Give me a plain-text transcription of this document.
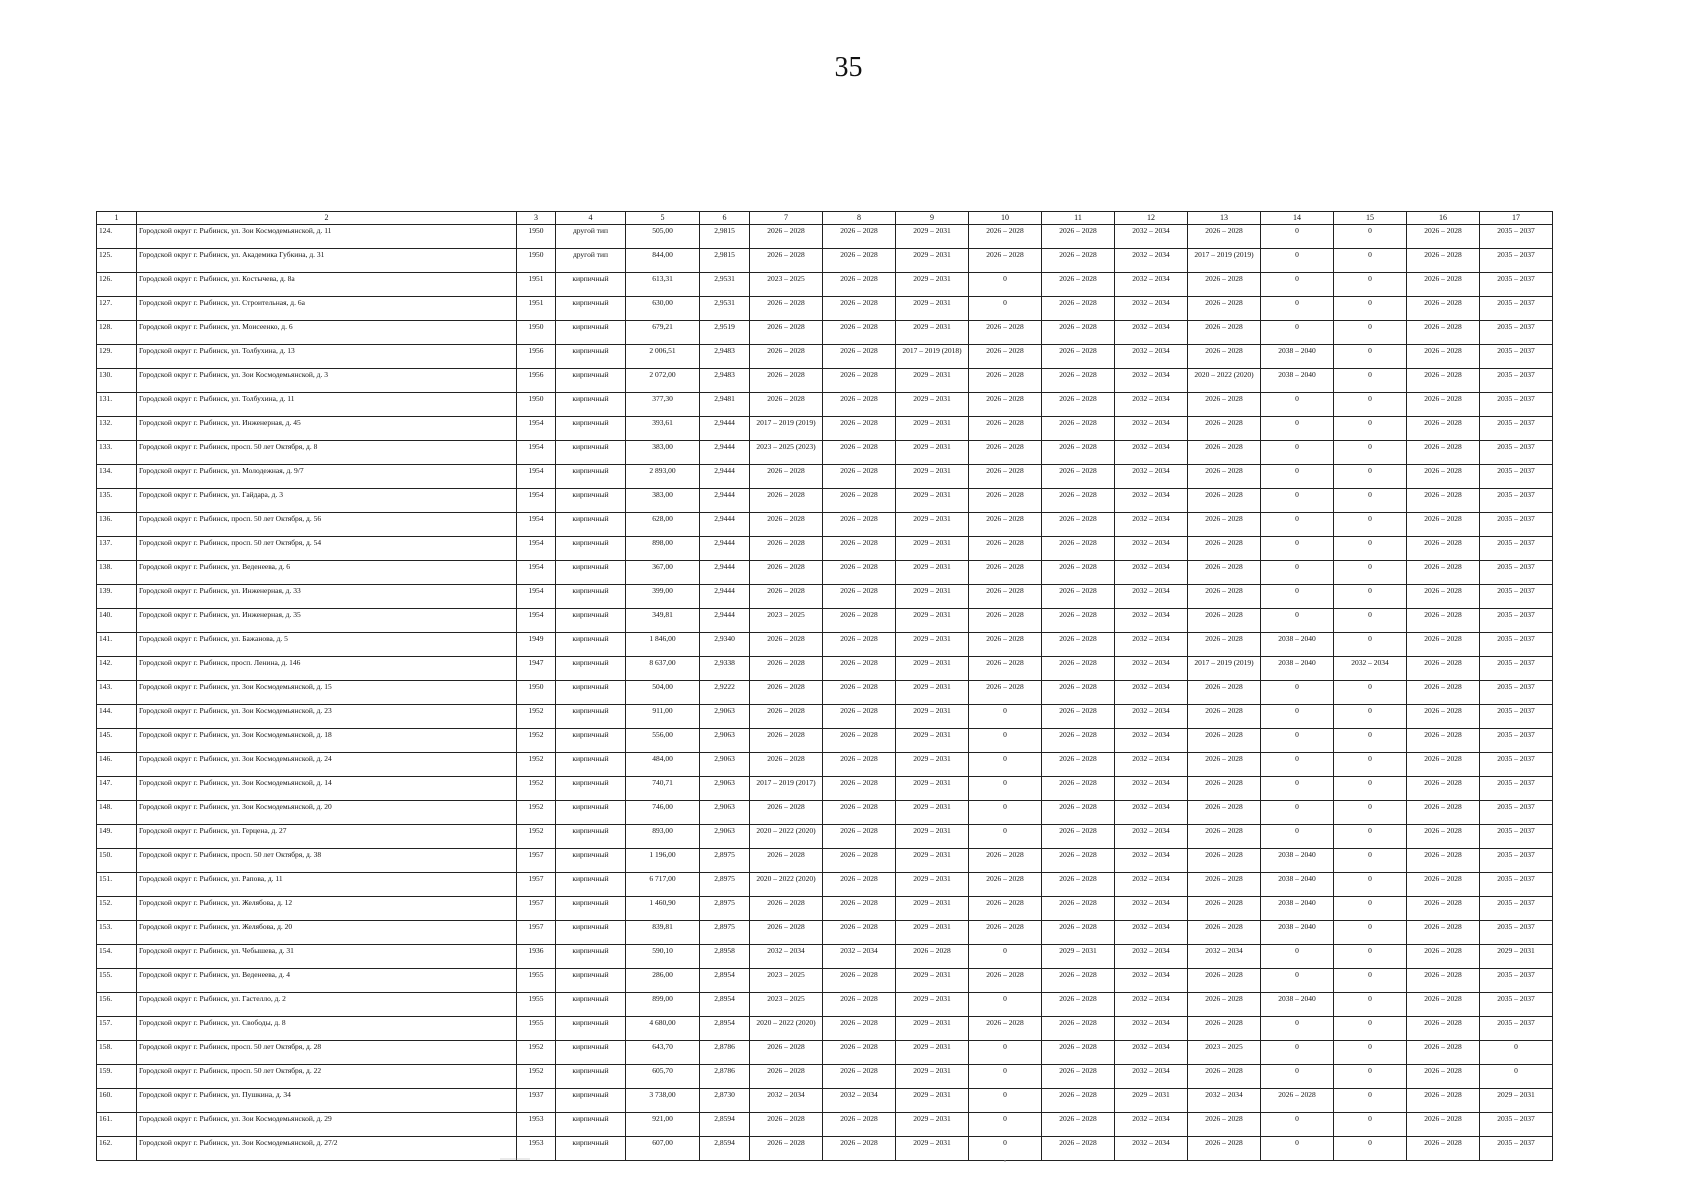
35
1	2	3	4	5	6	7	8	9	10	11	12	13	14	15	16	17
124.	Городской округ г. Рыбинск, ул. Зои Космодемьянской, д. 11	1950	другой тип	505,00	2,9815	2026 – 2028	2026 – 2028	2029 – 2031	2026 – 2028	2026 – 2028	2032 – 2034	2026 – 2028	0	0	2026 – 2028	2035 – 2037
125.	Городской округ г. Рыбинск, ул. Академика Губкина, д. 31	1950	другой тип	844,00	2,9815	2026 – 2028	2026 – 2028	2029 – 2031	2026 – 2028	2026 – 2028	2032 – 2034	2017 – 2019 (2019)	0	0	2026 – 2028	2035 – 2037
126.	Городской округ г. Рыбинск, ул. Костычева, д. 8а	1951	кирпичный	613,31	2,9531	2023 – 2025	2026 – 2028	2029 – 2031	0	2026 – 2028	2032 – 2034	2026 – 2028	0	0	2026 – 2028	2035 – 2037
127.	Городской округ г. Рыбинск, ул. Строительная, д. 6а	1951	кирпичный	630,00	2,9531	2026 – 2028	2026 – 2028	2029 – 2031	0	2026 – 2028	2032 – 2034	2026 – 2028	0	0	2026 – 2028	2035 – 2037
128.	Городской округ г. Рыбинск, ул. Моисеенко, д. 6	1950	кирпичный	679,21	2,9519	2026 – 2028	2026 – 2028	2029 – 2031	2026 – 2028	2026 – 2028	2032 – 2034	2026 – 2028	0	0	2026 – 2028	2035 – 2037
129.	Городской округ г. Рыбинск, ул. Толбухина, д. 13	1956	кирпичный	2 006,51	2,9483	2026 – 2028	2026 – 2028	2017 – 2019 (2018)	2026 – 2028	2026 – 2028	2032 – 2034	2026 – 2028	2038 – 2040	0	2026 – 2028	2035 – 2037
130.	Городской округ г. Рыбинск, ул. Зои Космодемьянской, д. 3	1956	кирпичный	2 072,00	2,9483	2026 – 2028	2026 – 2028	2029 – 2031	2026 – 2028	2026 – 2028	2032 – 2034	2020 – 2022 (2020)	2038 – 2040	0	2026 – 2028	2035 – 2037
131.	Городской округ г. Рыбинск, ул. Толбухина, д. 11	1950	кирпичный	377,30	2,9481	2026 – 2028	2026 – 2028	2029 – 2031	2026 – 2028	2026 – 2028	2032 – 2034	2026 – 2028	0	0	2026 – 2028	2035 – 2037
132.	Городской округ г. Рыбинск, ул. Инженерная, д. 45	1954	кирпичный	393,61	2,9444	2017 – 2019 (2019)	2026 – 2028	2029 – 2031	2026 – 2028	2026 – 2028	2032 – 2034	2026 – 2028	0	0	2026 – 2028	2035 – 2037
133.	Городской округ г. Рыбинск, просп. 50 лет Октября, д. 8	1954	кирпичный	383,00	2,9444	2023 – 2025 (2023)	2026 – 2028	2029 – 2031	2026 – 2028	2026 – 2028	2032 – 2034	2026 – 2028	0	0	2026 – 2028	2035 – 2037
134.	Городской округ г. Рыбинск, ул. Молодежная, д. 9/7	1954	кирпичный	2 893,00	2,9444	2026 – 2028	2026 – 2028	2029 – 2031	2026 – 2028	2026 – 2028	2032 – 2034	2026 – 2028	0	0	2026 – 2028	2035 – 2037
135.	Городской округ г. Рыбинск, ул. Гайдара, д. 3	1954	кирпичный	383,00	2,9444	2026 – 2028	2026 – 2028	2029 – 2031	2026 – 2028	2026 – 2028	2032 – 2034	2026 – 2028	0	0	2026 – 2028	2035 – 2037
136.	Городской округ г. Рыбинск, просп. 50 лет Октября, д. 56	1954	кирпичный	628,00	2,9444	2026 – 2028	2026 – 2028	2029 – 2031	2026 – 2028	2026 – 2028	2032 – 2034	2026 – 2028	0	0	2026 – 2028	2035 – 2037
137.	Городской округ г. Рыбинск, просп. 50 лет Октября, д. 54	1954	кирпичный	898,00	2,9444	2026 – 2028	2026 – 2028	2029 – 2031	2026 – 2028	2026 – 2028	2032 – 2034	2026 – 2028	0	0	2026 – 2028	2035 – 2037
138.	Городской округ г. Рыбинск, ул. Веденеева, д. 6	1954	кирпичный	367,00	2,9444	2026 – 2028	2026 – 2028	2029 – 2031	2026 – 2028	2026 – 2028	2032 – 2034	2026 – 2028	0	0	2026 – 2028	2035 – 2037
139.	Городской округ г. Рыбинск, ул. Инженерная, д. 33	1954	кирпичный	399,00	2,9444	2026 – 2028	2026 – 2028	2029 – 2031	2026 – 2028	2026 – 2028	2032 – 2034	2026 – 2028	0	0	2026 – 2028	2035 – 2037
140.	Городской округ г. Рыбинск, ул. Инженерная, д. 35	1954	кирпичный	349,81	2,9444	2023 – 2025	2026 – 2028	2029 – 2031	2026 – 2028	2026 – 2028	2032 – 2034	2026 – 2028	0	0	2026 – 2028	2035 – 2037
141.	Городской округ г. Рыбинск, ул. Бажанова, д. 5	1949	кирпичный	1 846,00	2,9340	2026 – 2028	2026 – 2028	2029 – 2031	2026 – 2028	2026 – 2028	2032 – 2034	2026 – 2028	2038 – 2040	0	2026 – 2028	2035 – 2037
142.	Городской округ г. Рыбинск, просп. Ленина, д. 146	1947	кирпичный	8 637,00	2,9338	2026 – 2028	2026 – 2028	2029 – 2031	2026 – 2028	2026 – 2028	2032 – 2034	2017 – 2019 (2019)	2038 – 2040	2032 – 2034	2026 – 2028	2035 – 2037
143.	Городской округ г. Рыбинск, ул. Зои Космодемьянской, д. 15	1950	кирпичный	504,00	2,9222	2026 – 2028	2026 – 2028	2029 – 2031	2026 – 2028	2026 – 2028	2032 – 2034	2026 – 2028	0	0	2026 – 2028	2035 – 2037
144.	Городской округ г. Рыбинск, ул. Зои Космодемьянской, д. 23	1952	кирпичный	911,00	2,9063	2026 – 2028	2026 – 2028	2029 – 2031	0	2026 – 2028	2032 – 2034	2026 – 2028	0	0	2026 – 2028	2035 – 2037
145.	Городской округ г. Рыбинск, ул. Зои Космодемьянской, д. 18	1952	кирпичный	556,00	2,9063	2026 – 2028	2026 – 2028	2029 – 2031	0	2026 – 2028	2032 – 2034	2026 – 2028	0	0	2026 – 2028	2035 – 2037
146.	Городской округ г. Рыбинск, ул. Зои Космодемьянской, д. 24	1952	кирпичный	484,00	2,9063	2026 – 2028	2026 – 2028	2029 – 2031	0	2026 – 2028	2032 – 2034	2026 – 2028	0	0	2026 – 2028	2035 – 2037
147.	Городской округ г. Рыбинск, ул. Зои Космодемьянской, д. 14	1952	кирпичный	740,71	2,9063	2017 – 2019 (2017)	2026 – 2028	2029 – 2031	0	2026 – 2028	2032 – 2034	2026 – 2028	0	0	2026 – 2028	2035 – 2037
148.	Городской округ г. Рыбинск, ул. Зои Космодемьянской, д. 20	1952	кирпичный	746,00	2,9063	2026 – 2028	2026 – 2028	2029 – 2031	0	2026 – 2028	2032 – 2034	2026 – 2028	0	0	2026 – 2028	2035 – 2037
149.	Городской округ г. Рыбинск, ул. Герцена, д. 27	1952	кирпичный	893,00	2,9063	2020 – 2022 (2020)	2026 – 2028	2029 – 2031	0	2026 – 2028	2032 – 2034	2026 – 2028	0	0	2026 – 2028	2035 – 2037
150.	Городской округ г. Рыбинск, просп. 50 лет Октября, д. 38	1957	кирпичный	1 196,00	2,8975	2026 – 2028	2026 – 2028	2029 – 2031	2026 – 2028	2026 – 2028	2032 – 2034	2026 – 2028	2038 – 2040	0	2026 – 2028	2035 – 2037
151.	Городской округ г. Рыбинск, ул. Рапова, д. 11	1957	кирпичный	6 717,00	2,8975	2020 – 2022 (2020)	2026 – 2028	2029 – 2031	2026 – 2028	2026 – 2028	2032 – 2034	2026 – 2028	2038 – 2040	0	2026 – 2028	2035 – 2037
152.	Городской округ г. Рыбинск, ул. Желябова, д. 12	1957	кирпичный	1 460,90	2,8975	2026 – 2028	2026 – 2028	2029 – 2031	2026 – 2028	2026 – 2028	2032 – 2034	2026 – 2028	2038 – 2040	0	2026 – 2028	2035 – 2037
153.	Городской округ г. Рыбинск, ул. Желябова, д. 20	1957	кирпичный	839,81	2,8975	2026 – 2028	2026 – 2028	2029 – 2031	2026 – 2028	2026 – 2028	2032 – 2034	2026 – 2028	2038 – 2040	0	2026 – 2028	2035 – 2037
154.	Городской округ г. Рыбинск, ул. Чебышева, д. 31	1936	кирпичный	590,10	2,8958	2032 – 2034	2032 – 2034	2026 – 2028	0	2029 – 2031	2032 – 2034	2032 – 2034	0	0	2026 – 2028	2029 – 2031
155.	Городской округ г. Рыбинск, ул. Веденеева, д. 4	1955	кирпичный	286,00	2,8954	2023 – 2025	2026 – 2028	2029 – 2031	2026 – 2028	2026 – 2028	2032 – 2034	2026 – 2028	0	0	2026 – 2028	2035 – 2037
156.	Городской округ г. Рыбинск, ул. Гастелло, д. 2	1955	кирпичный	899,00	2,8954	2023 – 2025	2026 – 2028	2029 – 2031	0	2026 – 2028	2032 – 2034	2026 – 2028	2038 – 2040	0	2026 – 2028	2035 – 2037
157.	Городской округ г. Рыбинск, ул. Свободы, д. 8	1955	кирпичный	4 680,00	2,8954	2020 – 2022 (2020)	2026 – 2028	2029 – 2031	2026 – 2028	2026 – 2028	2032 – 2034	2026 – 2028	0	0	2026 – 2028	2035 – 2037
158.	Городской округ г. Рыбинск, просп. 50 лет Октября, д. 28	1952	кирпичный	643,70	2,8786	2026 – 2028	2026 – 2028	2029 – 2031	0	2026 – 2028	2032 – 2034	2023 – 2025	0	0	2026 – 2028	0
159.	Городской округ г. Рыбинск, просп. 50 лет Октября, д. 22	1952	кирпичный	605,70	2,8786	2026 – 2028	2026 – 2028	2029 – 2031	0	2026 – 2028	2032 – 2034	2026 – 2028	0	0	2026 – 2028	0
160.	Городской округ г. Рыбинск, ул. Пушкина, д. 34	1937	кирпичный	3 738,00	2,8730	2032 – 2034	2032 – 2034	2029 – 2031	0	2026 – 2028	2029 – 2031	2032 – 2034	2026 – 2028	0	2026 – 2028	2029 – 2031
161.	Городской округ г. Рыбинск, ул. Зои Космодемьянской, д. 29	1953	кирпичный	921,00	2,8594	2026 – 2028	2026 – 2028	2029 – 2031	0	2026 – 2028	2032 – 2034	2026 – 2028	0	0	2026 – 2028	2035 – 2037
162.	Городской округ г. Рыбинск, ул. Зои Космодемьянской, д. 27/2	1953	кирпичный	607,00	2,8594	2026 – 2028	2026 – 2028	2029 – 2031	0	2026 – 2028	2032 – 2034	2026 – 2028	0	0	2026 – 2028	2035 – 2037
